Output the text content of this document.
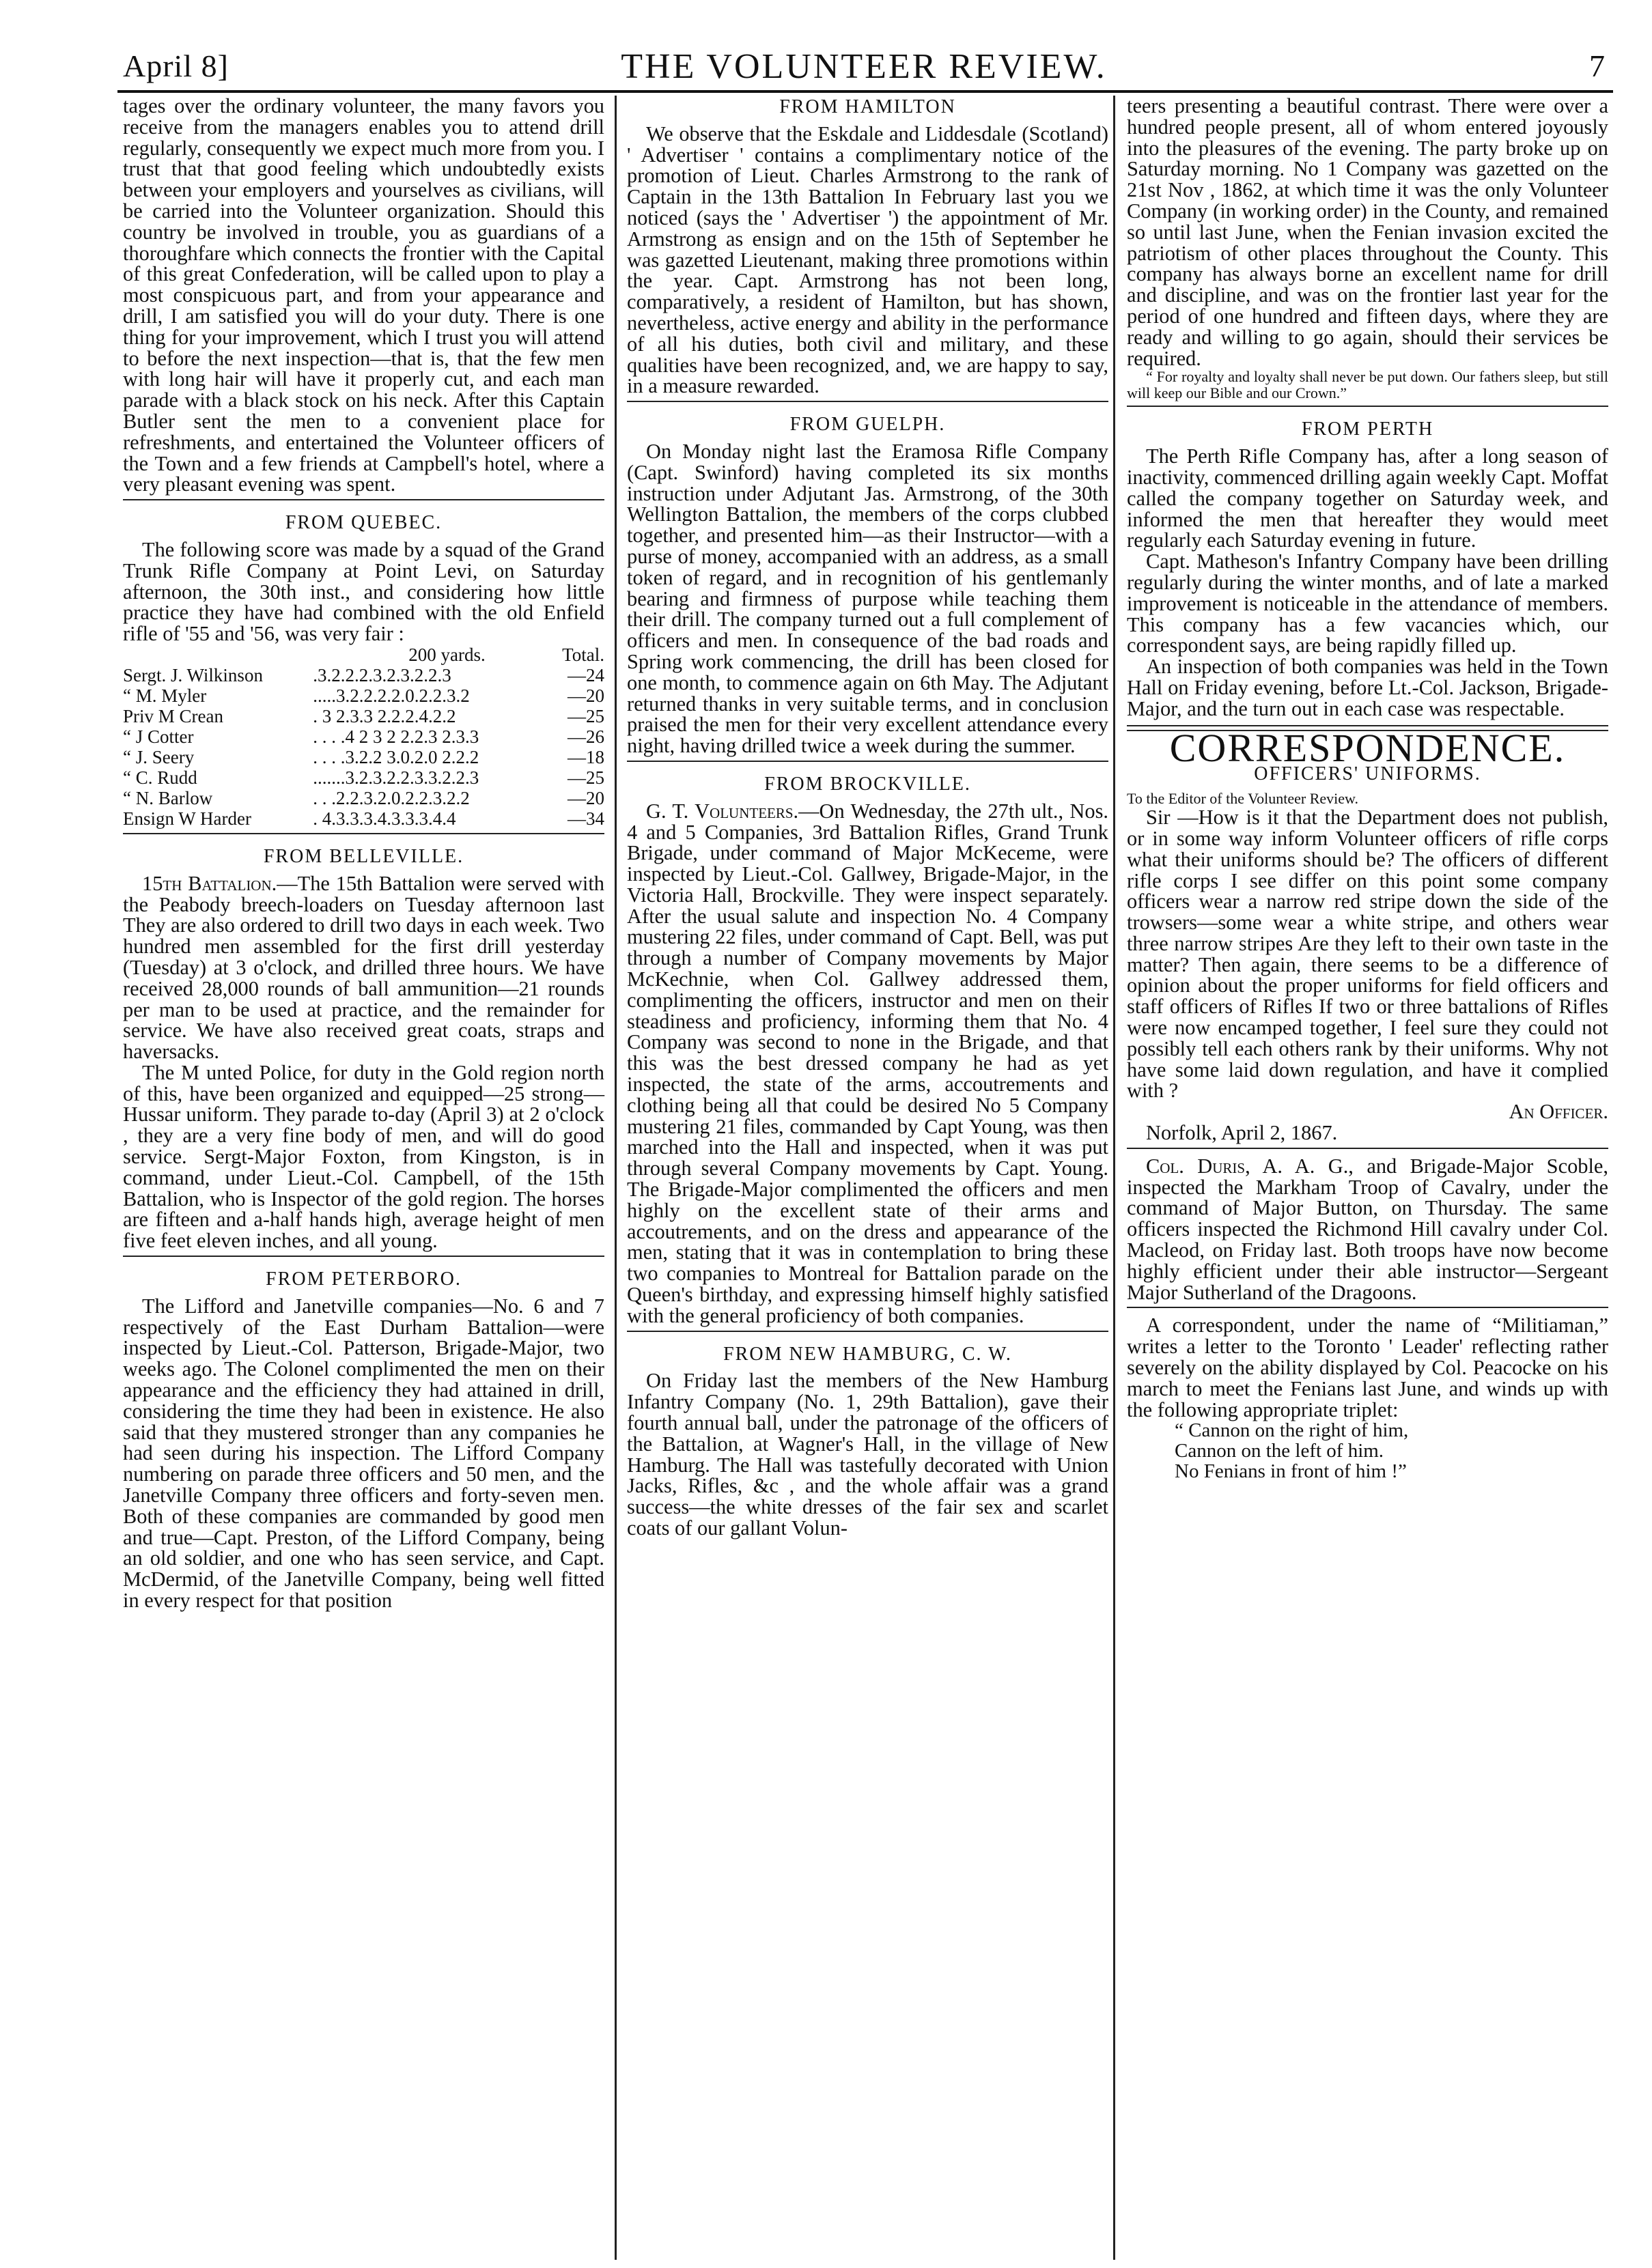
April 8]	THE VOLUNTEER REVIEW.	7

tages over the ordinary volunteer, the many favors you receive from the managers enables you to attend drill regularly, consequently we expect much more from you. I trust that that good feeling which undoubtedly exists between your employers and yourselves as civilians, will be carried into the Volunteer organization. Should this country be involved in trouble, you as guardians of a thoroughfare which connects the frontier with the Capital of this great Confederation, will be called upon to play a most conspicuous part, and from your appearance and drill, I am satisfied you will do your duty. There is one thing for your improvement, which I trust you will attend to before the next inspection—that is, that the few men with long hair will have it properly cut, and each man parade with a black stock on his neck. After this Captain Butler sent the men to a convenient place for refreshments, and entertained the Volunteer officers of the Town and a few friends at Campbell's hotel, where a very pleasant evening was spent.

FROM QUEBEC.

The following score was made by a squad of the Grand Trunk Rifle Company at Point Levi, on Saturday afternoon, the 30th inst., and considering how little practice they have had combined with the old Enfield rifle of '55 and '56, was very fair :

	200 yards.	Total.
Sergt. J. Wilkinson	.3.2.2.2.3.2.3.2.2.3	—24
“ M. Myler	.....3.2.2.2.2.0.2.2.3.2	—20
Priv M Crean	. 3 2.3.3 2.2.2.4.2.2	—25
“ J Cotter	. . . .4 2 3 2 2.2.3 2.3.3	—26
“ J. Seery	. . . .3.2.2 3.0.2.0 2.2.2	—18
“ C. Rudd	.......3.2.3.2.2.3.3.2.2.3	—25
“ N. Barlow	. . .2.2.3.2.0.2.2.3.2.2	—20
Ensign W Harder	. 4.3.3.3.4.3.3.3.4.4	—34
FROM BELLEVILLE.

15th Battalion.—The 15th Battalion were served with the Peabody breech-loaders on Tuesday afternoon last They are also ordered to drill two days in each week. Two hundred men assembled for the first drill yesterday (Tuesday) at 3 o'clock, and drilled three hours. We have received 28,000 rounds of ball ammunition—21 rounds per man to be used at practice, and the remainder for service. We have also received great coats, straps and haversacks.

The M unted Police, for duty in the Gold region north of this, have been organized and equipped—25 strong—Hussar uniform. They parade to-day (April 3) at 2 o'clock , they are a very fine body of men, and will do good service. Sergt-Major Foxton, from Kingston, is in command, under Lieut.-Col. Campbell, of the 15th Battalion, who is Inspector of the gold region. The horses are fifteen and a-half hands high, average height of men five feet eleven inches, and all young.

FROM PETERBORO.

The Lifford and Janetville companies—No. 6 and 7 respectively of the East Durham Battalion—were inspected by Lieut.-Col. Patterson, Brigade-Major, two weeks ago. The Colonel complimented the men on their appearance and the efficiency they had attained in drill, considering the time they had been in existence. He also said that they mustered stronger than any companies he had seen during his inspection. The Lifford Company numbering on parade three officers and 50 men, and the Janetville Company three officers and forty-seven men. Both of these companies are commanded by good men and true—Capt. Preston, of the Lifford Company, being an old soldier, and one who has seen service, and Capt. McDermid, of the Janetville Company, being well fitted in every respect for that position

FROM HAMILTON

We observe that the Eskdale and Liddesdale (Scotland) ' Advertiser ' contains a complimentary notice of the promotion of Lieut. Charles Armstrong to the rank of Captain in the 13th Battalion In February last you we noticed (says the ' Advertiser ') the appointment of Mr. Armstrong as ensign and on the 15th of September he was gazetted Lieutenant, making three promotions within the year. Capt. Armstrong has not been long, comparatively, a resident of Hamilton, but has shown, nevertheless, active energy and ability in the performance of all his duties, both civil and military, and these qualities have been recognized, and, we are happy to say, in a measure rewarded.

FROM GUELPH.

On Monday night last the Eramosa Rifle Company (Capt. Swinford) having completed its six months instruction under Adjutant Jas. Armstrong, of the 30th Wellington Battalion, the members of the corps clubbed together, and presented him—as their Instructor—with a purse of money, accompanied with an address, as a small token of regard, and in recognition of his gentlemanly bearing and firmness of purpose while teaching them their drill. The company turned out a full complement of officers and men. In consequence of the bad roads and Spring work commencing, the drill has been closed for one month, to commence again on 6th May. The Adjutant returned thanks in very suitable terms, and in conclusion praised the men for their very excellent attendance every night, having drilled twice a week during the summer.

FROM BROCKVILLE.

G. T. Volunteers.—On Wednesday, the 27th ult., Nos. 4 and 5 Companies, 3rd Battalion Rifles, Grand Trunk Brigade, under command of Major McKeceme, were inspected by Lieut.-Col. Gallwey, Brigade-Major, in the Victoria Hall, Brockville. They were inspect separately. After the usual salute and inspection No. 4 Company mustering 22 files, under command of Capt. Bell, was put through a number of Company movements by Major McKechnie, when Col. Gallwey addressed them, complimenting the officers, instructor and men on their steadiness and proficiency, informing them that No. 4 Company was second to none in the Brigade, and that this was the best dressed company he had as yet inspected, the state of the arms, accoutrements and clothing being all that could be desired No 5 Company mustering 21 files, commanded by Capt Young, was then marched into the Hall and inspected, when it was put through several Company movements by Capt. Young. The Brigade-Major complimented the officers and men highly on the excellent state of their arms and accoutrements, and on the dress and appearance of the men, stating that it was in contemplation to bring these two companies to Montreal for Battalion parade on the Queen's birthday, and expressing himself highly satisfied with the general proficiency of both companies.

FROM NEW HAMBURG, C. W.

On Friday last the members of the New Hamburg Infantry Company (No. 1, 29th Battalion), gave their fourth annual ball, under the patronage of the officers of the Battalion, at Wagner's Hall, in the village of New Hamburg. The Hall was tastefully decorated with Union Jacks, Rifles, &c , and the whole affair was a grand success—the white dresses of the fair sex and scarlet coats of our gallant Volun-

teers presenting a beautiful contrast. There were over a hundred people present, all of whom entered joyously into the pleasures of the evening. The party broke up on Saturday morning. No 1 Company was gazetted on the 21st Nov , 1862, at which time it was the only Volunteer Company (in working order) in the County, and remained so until last June, when the Fenian invasion excited the patriotism of other places throughout the County. This company has always borne an excellent name for drill and discipline, and was on the frontier last year for the period of one hundred and fifteen days, where they are ready and willing to go again, should their services be required.

“ For royalty and loyalty shall never be put down. Our fathers sleep, but still will keep our Bible and our Crown.”

FROM PERTH

The Perth Rifle Company has, after a long season of inactivity, commenced drilling again weekly Capt. Moffat called the company together on Saturday week, and informed the men that hereafter they would meet regularly each Saturday evening in future.

Capt. Matheson's Infantry Company have been drilling regularly during the winter months, and of late a marked improvement is noticeable in the attendance of members. This company has a few vacancies which, our correspondent says, are being rapidly filled up.

An inspection of both companies was held in the Town Hall on Friday evening, before Lt.-Col. Jackson, Brigade-Major, and the turn out in each case was respectable.

CORRESPONDENCE.
OFFICERS' UNIFORMS.

To the Editor of the Volunteer Review.

Sir —How is it that the Department does not publish, or in some way inform Volunteer officers of rifle corps what their uniforms should be? The officers of different rifle corps I see differ on this point some company officers wear a narrow red stripe down the side of the trowsers—some wear a white stripe, and others wear three narrow stripes Are they left to their own taste in the matter? Then again, there seems to be a difference of opinion about the proper uniforms for field officers and staff officers of Rifles If two or three battalions of Rifles were now encamped together, I feel sure they could not possibly tell each others rank by their uniforms. Why not have some laid down regulation, and have it complied with ?

An Officer.

Norfolk, April 2, 1867.

Col. Duris, A. A. G., and Brigade-Major Scoble, inspected the Markham Troop of Cavalry, under the command of Major Button, on Thursday. The same officers inspected the Richmond Hill cavalry under Col. Macleod, on Friday last. Both troops have now become highly efficient under their able instructor—Sergeant Major Sutherland of the Dragoons.

A correspondent, under the name of “Militiaman,” writes a letter to the Toronto ' Leader' reflecting rather severely on the ability displayed by Col. Peacocke on his march to meet the Fenians last June, and winds up with the following appropriate triplet:

“ Cannon on the right of him,

Cannon on the left of him.

No Fenians in front of him !”
